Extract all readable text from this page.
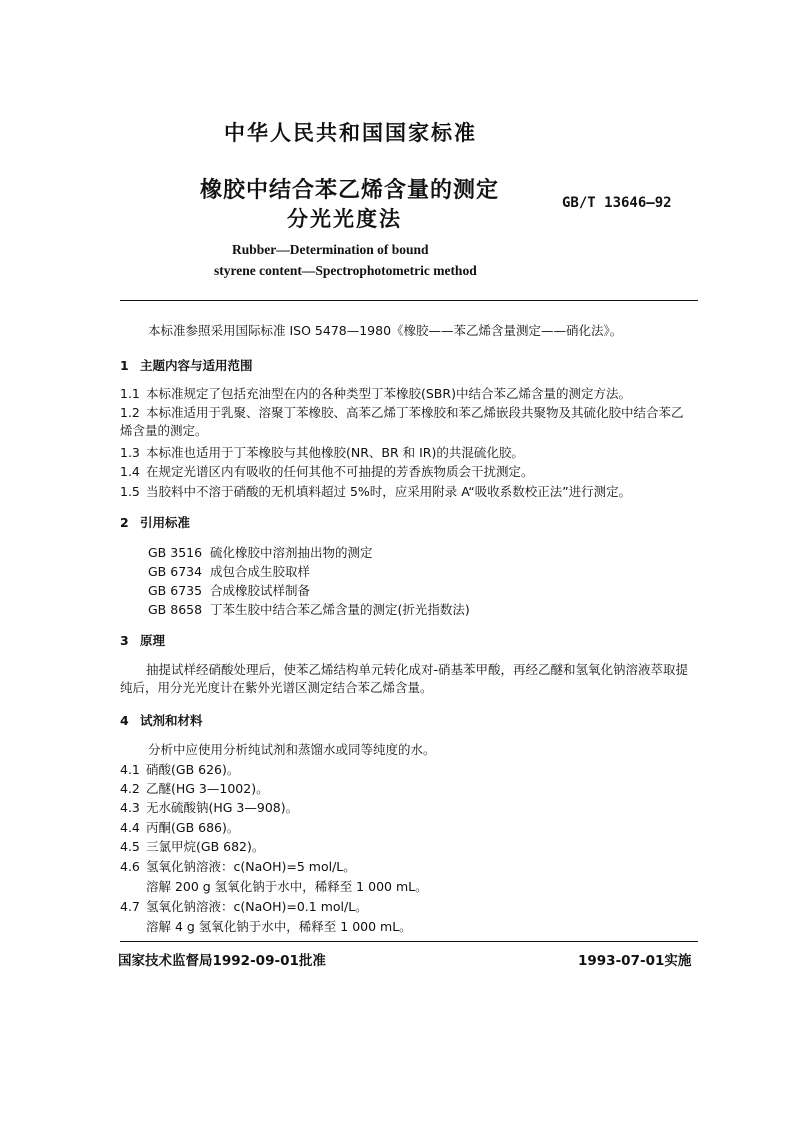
中华人民共和国国家标准
橡胶中结合苯乙烯含量的测定
分光光度法
GB/T 13646—92
Rubber—Determination of bound
styrene content—Spectrophotometric method
本标准参照采用国际标准 ISO 5478—1980《橡胶——苯乙烯含量测定——硝化法》。
1 主题内容与适用范围
1.1 本标准规定了包括充油型在内的各种类型丁苯橡胶(SBR)中结合苯乙烯含量的测定方法。
1.2 本标准适用于乳聚、溶聚丁苯橡胶、高苯乙烯丁苯橡胶和苯乙烯嵌段共聚物及其硫化胶中结合苯乙烯含量的测定。
1.3 本标准也适用于丁苯橡胶与其他橡胶(NR、BR 和 IR)的共混硫化胶。
1.4 在规定光谱区内有吸收的任何其他不可抽提的芳香族物质会干扰测定。
1.5 当胶料中不溶于硝酸的无机填料超过 5%时，应采用附录 A“吸收系数校正法”进行测定。
2 引用标准
GB 3516 硫化橡胶中溶剂抽出物的测定
GB 6734 成包合成生胶取样
GB 6735 合成橡胶试样制备
GB 8658 丁苯生胶中结合苯乙烯含量的测定(折光指数法)
3 原理
抽提试样经硝酸处理后，使苯乙烯结构单元转化成对-硝基苯甲酸，再经乙醚和氢氧化钠溶液萃取提纯后，用分光光度计在紫外光谱区测定结合苯乙烯含量。
4 试剂和材料
分析中应使用分析纯试剂和蒸馏水或同等纯度的水。
4.1 硝酸(GB 626)。
4.2 乙醚(HG 3—1002)。
4.3 无水硫酸钠(HG 3—908)。
4.4 丙酮(GB 686)。
4.5 三氯甲烷(GB 682)。
4.6 氢氧化钠溶液：c(NaOH)=5 mol/L。
溶解 200 g 氢氧化钠于水中，稀释至 1 000 mL。
4.7 氢氧化钠溶液：c(NaOH)=0.1 mol/L。
溶解 4 g 氢氧化钠于水中，稀释至 1 000 mL。
国家技术监督局1992-09-01批准	1993-07-01实施
